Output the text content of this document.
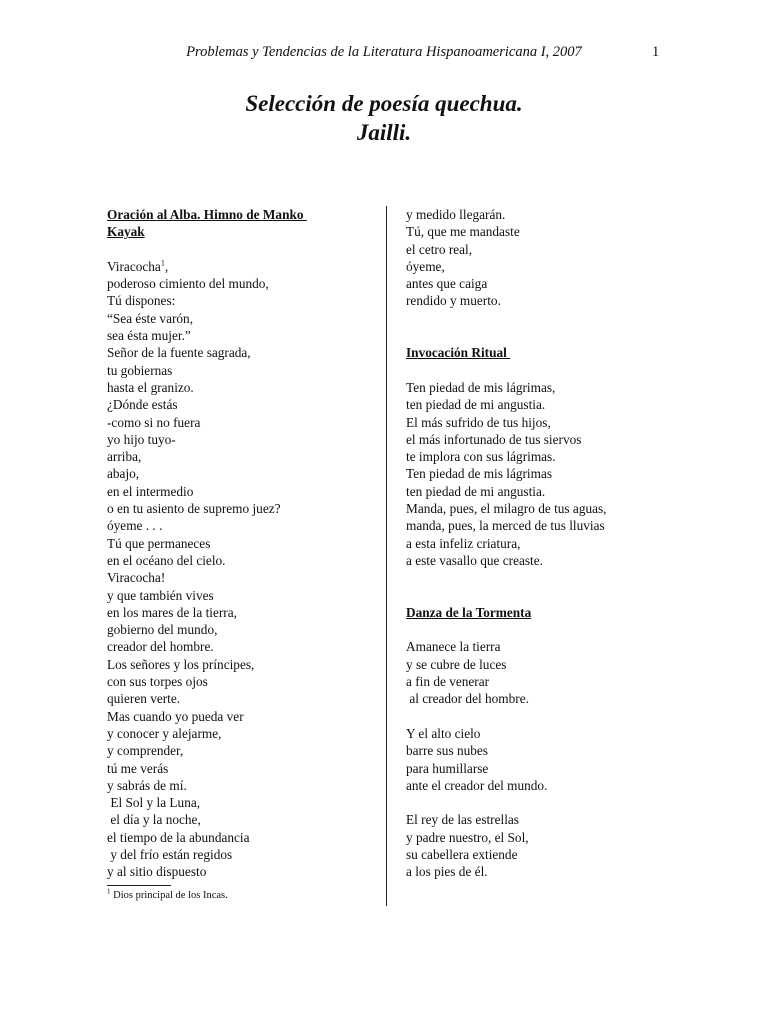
Problemas y Tendencias de la Literatura Hispanoamericana I, 2007	1
Selección de poesía quechua.
Jailli.
Oración al Alba. Himno de Manko
Kayak
Viracocha$^1$,
poderoso cimiento del mundo,
Tú dispones:
“Sea éste varón,
sea ésta mujer.”
Señor de la fuente sagrada,
tu gobiernas
hasta el granizo.
¿Dónde estás
-como si no fuera
yo hijo tuyo-
arriba,
abajo,
en el intermedio
o en tu asiento de supremo juez?
óyeme . . .
Tú que permaneces
en el océano del cielo.
Viracocha!
y que también vives
en los mares de la tierra,
gobierno del mundo,
creador del hombre.
Los señores y los príncipes,
con sus torpes ojos
quieren verte.
Mas cuando yo pueda ver
y conocer y alejarme,
y comprender,
tú me verás
y sabrás de mí.
El Sol y la Luna,
el día y la noche,
el tiempo de la abundancia
y del frío están regidos
y al sitio dispuesto
y medido llegarán.
Tú, que me mandaste
el cetro real,
óyeme,
antes que caiga
rendido y muerto.
Invocación Ritual
Ten piedad de mis lágrimas,
ten piedad de mi angustia.
El más sufrido de tus hijos,
el más infortunado de tus siervos
te implora con sus lágrimas.
Ten piedad de mis lágrimas
ten piedad de mi angustia.
Manda, pues, el milagro de tus aguas,
manda, pues, la merced de tus lluvias
a esta infeliz criatura,
a este vasallo que creaste.
Danza de la Tormenta
Amanece la tierra
y se cubre de luces
a fin de venerar
al creador del hombre.
Y el alto cielo
barre sus nubes
para humillarse
ante el creador del mundo.
El rey de las estrellas
y padre nuestro, el Sol,
su cabellera extiende
a los pies de él.
$^1$ Dios principal de los Incas.
